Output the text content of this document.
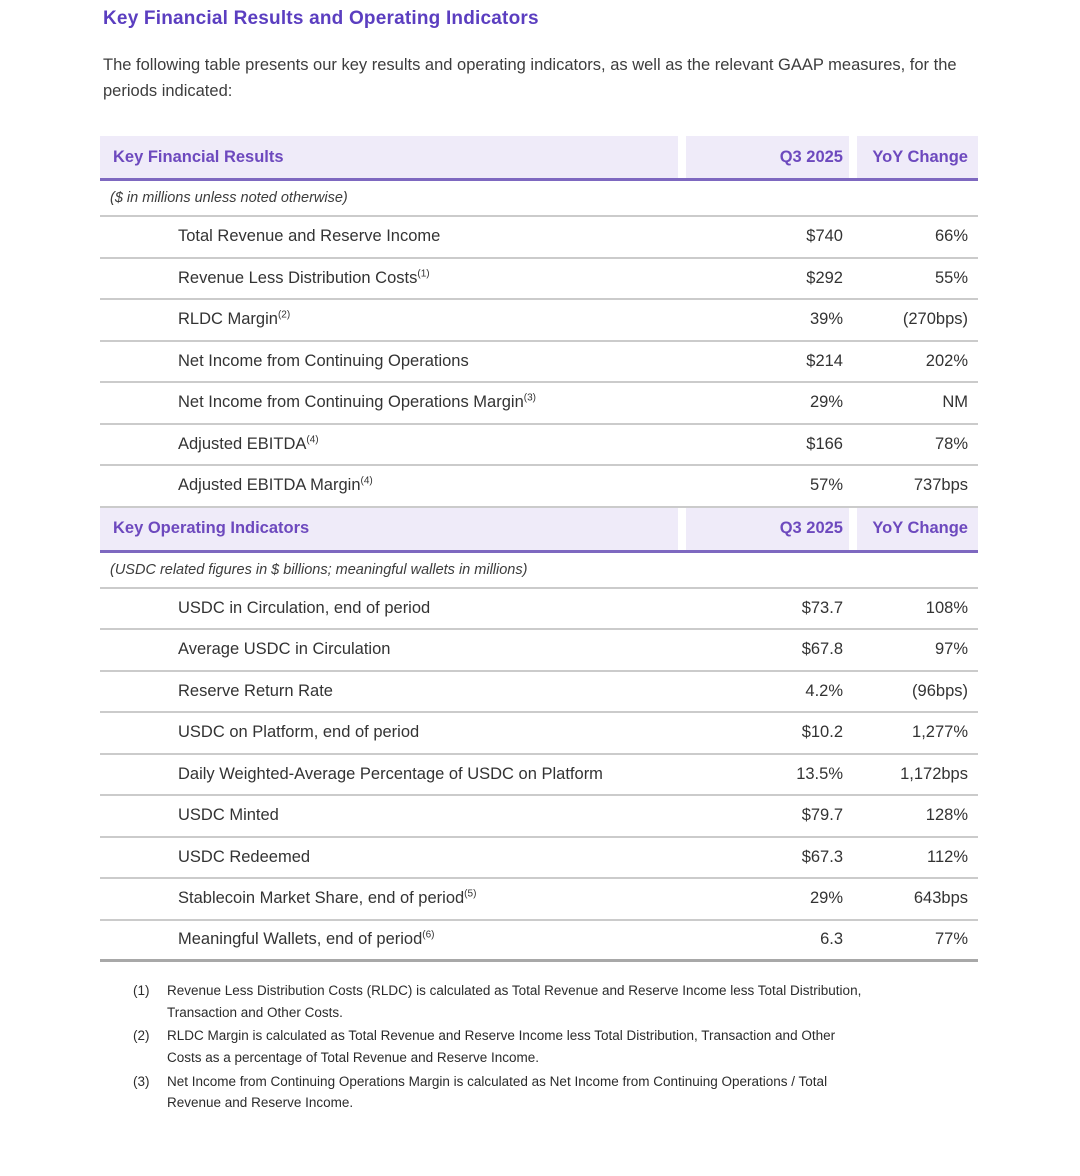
Key Financial Results and Operating Indicators

The following table presents our key results and operating indicators, as well as the relevant GAAP measures, for the periods indicated:

Key Financial Results	Q3 2025	YoY Change
($ in millions unless noted otherwise)
Total Revenue and Reserve Income	$740	66%
Revenue Less Distribution Costs$^{(1)}$	$292	55%
RLDC Margin$^{(2)}$	39%	(270bps)
Net Income from Continuing Operations	$214	202%
Net Income from Continuing Operations Margin$^{(3)}$	29%	NM
Adjusted EBITDA$^{(4)}$	$166	78%
Adjusted EBITDA Margin$^{(4)}$	57%	737bps
Key Operating Indicators	Q3 2025	YoY Change
(USDC related figures in $ billions; meaningful wallets in millions)
USDC in Circulation, end of period	$73.7	108%
Average USDC in Circulation	$67.8	97%
Reserve Return Rate	4.2%	(96bps)
USDC on Platform, end of period	$10.2	1,277%
Daily Weighted-Average Percentage of USDC on Platform	13.5%	1,172bps
USDC Minted	$79.7	128%
USDC Redeemed	$67.3	112%
Stablecoin Market Share, end of period$^{(5)}$	29%	643bps
Meaningful Wallets, end of period$^{(6)}$	6.3	77%
(1)	Revenue Less Distribution Costs (RLDC) is calculated as Total Revenue and Reserve Income less Total Distribution, Transaction and Other Costs.
(2)	RLDC Margin is calculated as Total Revenue and Reserve Income less Total Distribution, Transaction and Other Costs as a percentage of Total Revenue and Reserve Income.
(3)	Net Income from Continuing Operations Margin is calculated as Net Income from Continuing Operations / Total Revenue and Reserve Income.
